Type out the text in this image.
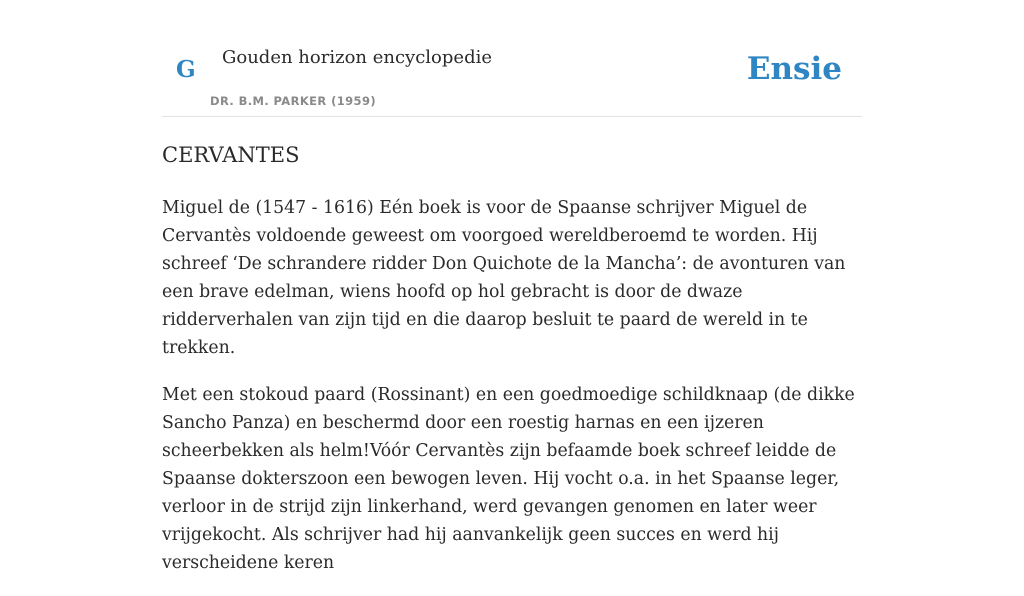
G Gouden horizon encyclopedie
DR. B.M. PARKER (1959)
Ensie
CERVANTES

Miguel de (1547 - 1616) Eén boek is voor de Spaanse schrijver Miguel de Cervantès voldoende geweest om voorgoed wereldberoemd te worden. Hij schreef ‘De schrandere ridder Don Quichote de la Mancha’: de avonturen van een brave edelman, wiens hoofd op hol gebracht is door de dwaze ridderverhalen van zijn tijd en die daarop besluit te paard de wereld in te trekken.

Met een stokoud paard (Rossinant) en een goedmoedige schildknaap (de dikke Sancho Panza) en beschermd door een roestig harnas en een ijzeren scheerbekken als helm!Vóór Cervantès zijn befaamde boek schreef leidde de Spaanse dokterszoon een bewogen leven. Hij vocht o.a. in het Spaanse leger, verloor in de strijd zijn linkerhand, werd gevangen genomen en later weer vrijgekocht. Als schrijver had hij aanvankelijk geen succes en werd hij verscheidene keren
